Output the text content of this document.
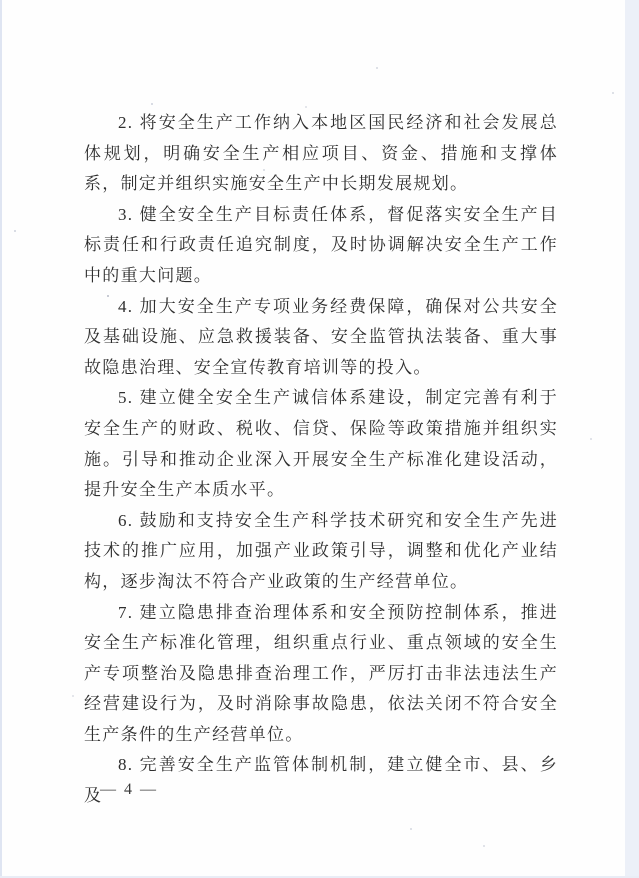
2. 将安全生产工作纳入本地区国民经济和社会发展总体规划，明确安全生产相应项目、资金、措施和支撑体系，制定并组织实施安全生产中长期发展规划。

3. 健全安全生产目标责任体系，督促落实安全生产目标责任和行政责任追究制度，及时协调解决安全生产工作中的重大问题。

4. 加大安全生产专项业务经费保障，确保对公共安全及基础设施、应急救援装备、安全监管执法装备、重大事故隐患治理、安全宣传教育培训等的投入。

5. 建立健全安全生产诚信体系建设，制定完善有利于安全生产的财政、税收、信贷、保险等政策措施并组织实施。引导和推动企业深入开展安全生产标准化建设活动，提升安全生产本质水平。

6. 鼓励和支持安全生产科学技术研究和安全生产先进技术的推广应用，加强产业政策引导，调整和优化产业结构，逐步淘汰不符合产业政策的生产经营单位。

7. 建立隐患排查治理体系和安全预防控制体系，推进安全生产标准化管理，组织重点行业、重点领域的安全生产专项整治及隐患排查治理工作，严厉打击非法违法生产经营建设行为，及时消除事故隐患，依法关闭不符合安全生产条件的生产经营单位。

8. 完善安全生产监管体制机制，建立健全市、县、乡及

— 4 —
